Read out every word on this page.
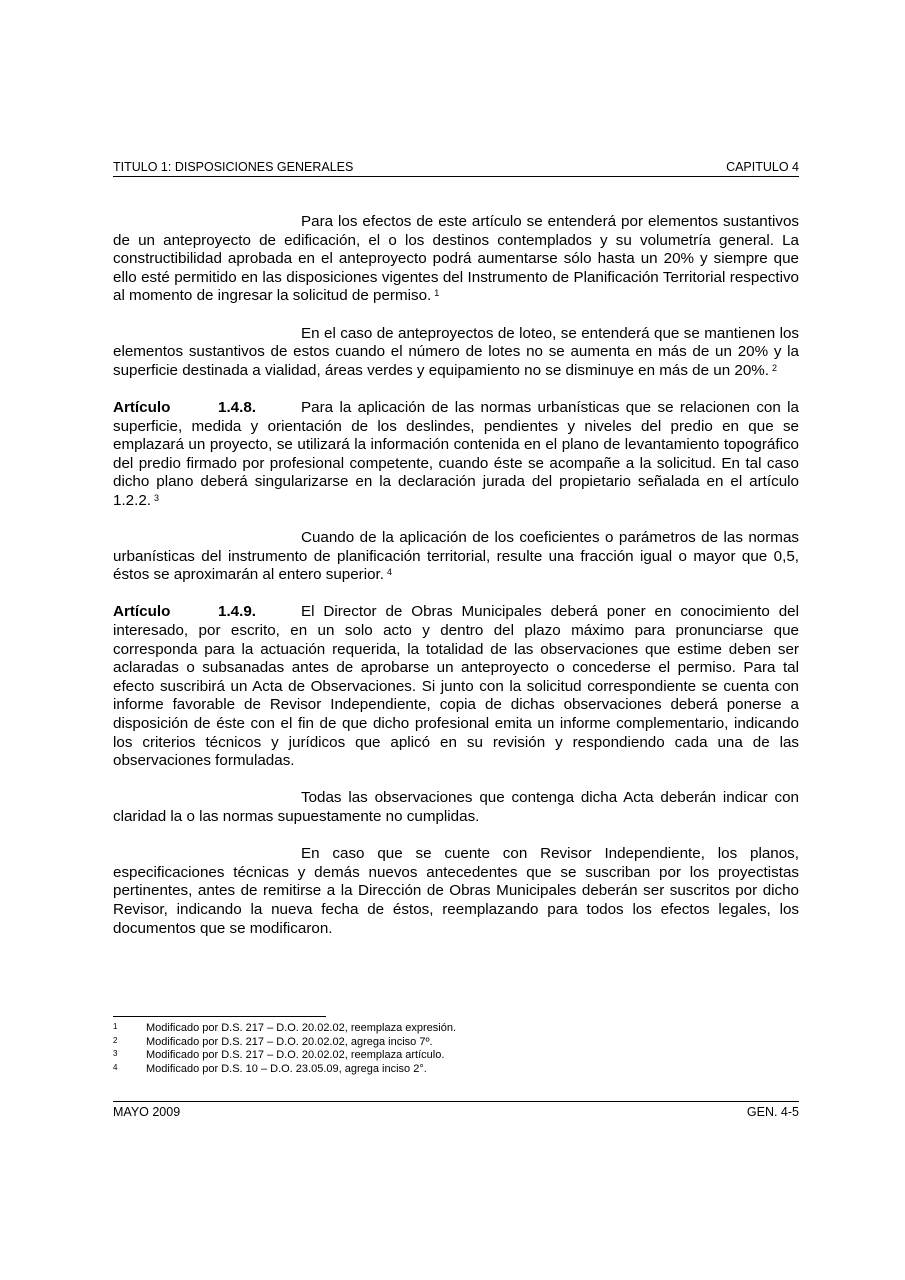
TITULO 1: DISPOSICIONES GENERALES	CAPITULO 4

Para los efectos de este artículo se entenderá por elementos sustantivos de un anteproyecto de edificación, el o los destinos contemplados y su volumetría general. La constructibilidad aprobada en el anteproyecto podrá aumentarse sólo hasta un 20% y siempre que ello esté permitido en las disposiciones vigentes del Instrumento de Planificación Territorial respectivo al momento de ingresar la solicitud de permiso. $^1$

En el caso de anteproyectos de loteo, se entenderá que se mantienen los elementos sustantivos de estos cuando el número de lotes no se aumenta en más de un 20% y la superficie destinada a vialidad, áreas verdes y equipamiento no se disminuye en más de un 20%. $^2$

Artículo	1.4.8.	Para la aplicación de las normas urbanísticas que se relacionen con la superficie, medida y orientación de los deslindes, pendientes y niveles del predio en que se emplazará un proyecto, se utilizará la información contenida en el plano de levantamiento topográfico del predio firmado por profesional competente, cuando éste se acompañe a la solicitud. En tal caso dicho plano deberá singularizarse en la declaración jurada del propietario señalada en el artículo 1.2.2. $^3$

Cuando de la aplicación de los coeficientes o parámetros de las normas urbanísticas del instrumento de planificación territorial, resulte una fracción igual o mayor que 0,5, éstos se aproximarán al entero superior. $^4$

Artículo	1.4.9.	El Director de Obras Municipales deberá poner en conocimiento del interesado, por escrito, en un solo acto y dentro del plazo máximo para pronunciarse que corresponda para la actuación requerida, la totalidad de las observaciones que estime deben ser aclaradas o subsanadas antes de aprobarse un anteproyecto o concederse el permiso. Para tal efecto suscribirá un Acta de Observaciones. Si junto con la solicitud correspondiente se cuenta con informe favorable de Revisor Independiente, copia de dichas observaciones deberá ponerse a disposición de éste con el fin de que dicho profesional emita un informe complementario, indicando los criterios técnicos y jurídicos que aplicó en su revisión y respondiendo cada una de las observaciones formuladas.

Todas las observaciones que contenga dicha Acta deberán indicar con claridad la o las normas supuestamente no cumplidas.

En caso que se cuente con Revisor Independiente, los planos, especificaciones técnicas y demás nuevos antecedentes que se suscriban por los proyectistas pertinentes, antes de remitirse a la Dirección de Obras Municipales deberán ser suscritos por dicho Revisor, indicando la nueva fecha de éstos, reemplazando para todos los efectos legales, los documentos que se modificaron.

1	Modificado por D.S. 217 – D.O. 20.02.02, reemplaza expresión.
2	Modificado por D.S. 217 – D.O. 20.02.02, agrega inciso 7º.
3	Modificado por D.S. 217 – D.O. 20.02.02, reemplaza artículo.
4	Modificado por D.S. 10 – D.O. 23.05.09, agrega inciso 2°.
MAYO 2009	GEN. 4-5
